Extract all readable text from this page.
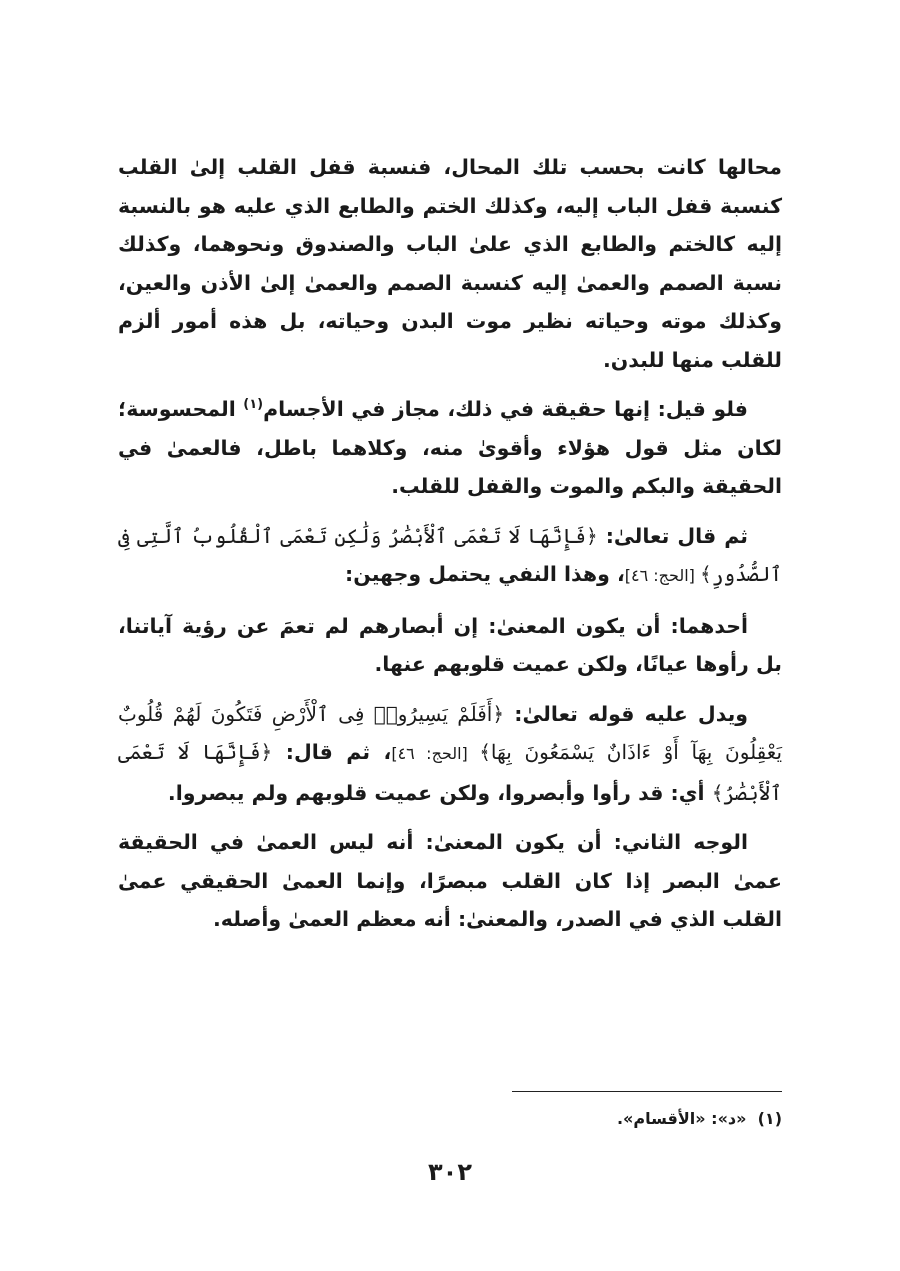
محالها كانت بحسب تلك المحال، فنسبة قفل القلب إلىٰ القلب كنسبة قفل الباب إليه، وكذلك الختم والطابع الذي عليه هو بالنسبة إليه كالختم والطابع الذي علىٰ الباب والصندوق ونحوهما، وكذلك نسبة الصمم والعمىٰ إليه كنسبة الصمم والعمىٰ إلىٰ الأذن والعين، وكذلك موته وحياته نظير موت البدن وحياته، بل هذه أمور ألزم للقلب منها للبدن.

فلو قيل: إنها حقيقة في ذلك، مجاز في الأجسام$^{(١)}$ المحسوسة؛ لكان مثل قول هؤلاء وأقوىٰ منه، وكلاهما باطل، فالعمىٰ في الحقيقة والبكم والموت والقفل للقلب.

ثم قال تعالىٰ: ﴿فَإِنَّهَا لَا تَعْمَى ٱلْأَبْصَٰرُ وَلَٰكِن تَعْمَى ٱلْقُلُوبُ ٱلَّتِى فِى ٱلصُّدُورِ﴾ [الحج: ٤٦]، وهذا النفي يحتمل وجهين:

أحدهما: أن يكون المعنىٰ: إن أبصارهم لم تعمَ عن رؤية آياتنا، بل رأوها عيانًا، ولكن عميت قلوبهم عنها.

ويدل عليه قوله تعالىٰ: ﴿أَفَلَمْ يَسِيرُوا۟ فِى ٱلْأَرْضِ فَتَكُونَ لَهُمْ قُلُوبٌ يَعْقِلُونَ بِهَآ أَوْ ءَاذَانٌ يَسْمَعُونَ بِهَا﴾ [الحج: ٤٦]، ثم قال: ﴿فَإِنَّهَا لَا تَعْمَى ٱلْأَبْصَٰرُ﴾ أي: قد رأوا وأبصروا، ولكن عميت قلوبهم ولم يبصروا.

الوجه الثاني: أن يكون المعنىٰ: أنه ليس العمىٰ في الحقيقة عمىٰ البصر إذا كان القلب مبصرًا، وإنما العمىٰ الحقيقي عمىٰ القلب الذي في الصدر، والمعنىٰ: أنه معظم العمىٰ وأصله.

(١)  «د»: «الأقسام».
٣٠٢
